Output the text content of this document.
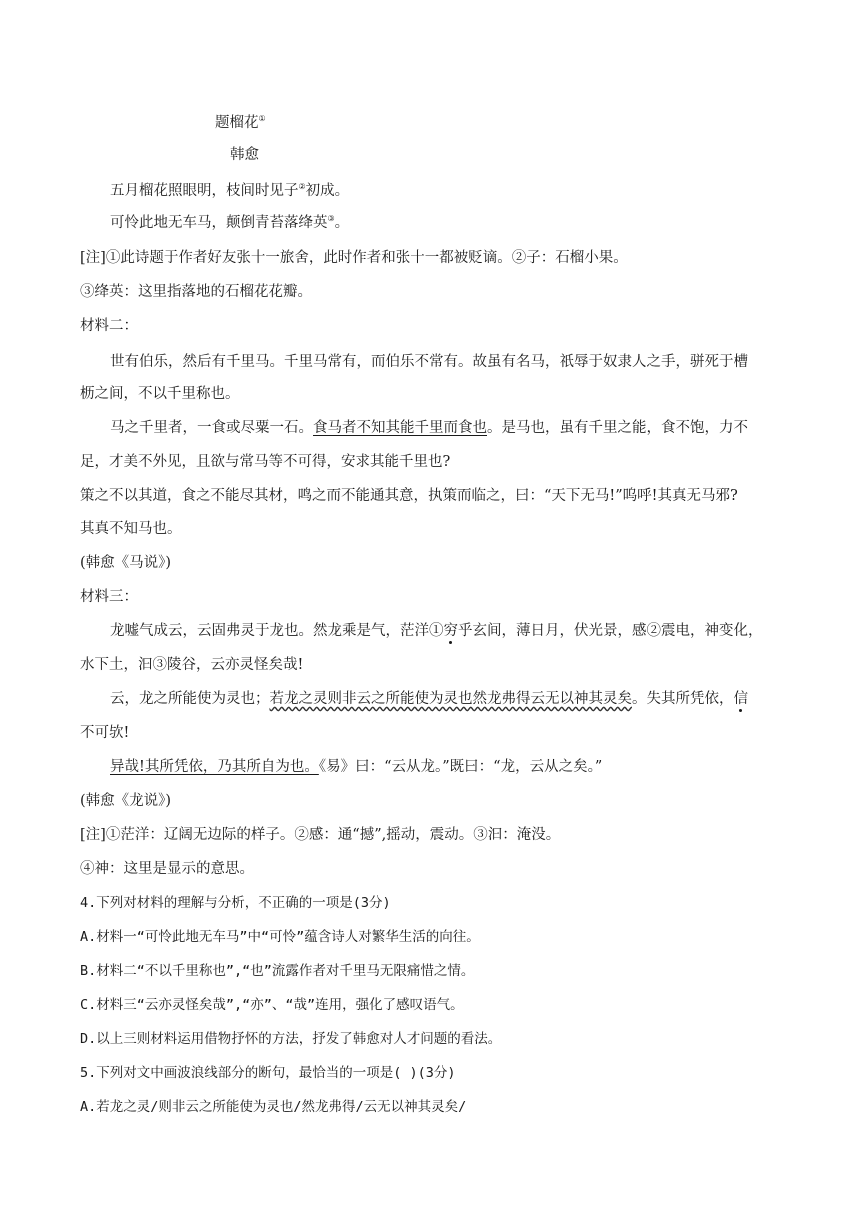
题榴花①
韩愈
五月榴花照眼明，枝间时见子②初成。
可怜此地无车马，颠倒青苔落绛英③。
[注]①此诗题于作者好友张十一旅舍，此时作者和张十一都被贬谪。②子：石榴小果。
③绛英：这里指落地的石榴花花瓣。
材料二：
世有伯乐，然后有千里马。千里马常有，而伯乐不常有。故虽有名马，祇辱于奴隶人之手，骈死于槽
枥之间，不以千里称也。
马之千里者，一食或尽粟一石。食马者不知其能千里而食也。是马也，虽有千里之能，食不饱，力不
足，才美不外见，且欲与常马等不可得，安求其能千里也?
策之不以其道，食之不能尽其材，鸣之而不能通其意，执策而临之，曰：“天下无马!”呜呼!其真无马邪?
其真不知马也。
(韩愈《马说》)
材料三：
龙嘘气成云，云固弗灵于龙也。然龙乘是气，茫洋①穷乎玄间，薄日月，伏光景，感②震电，神变化，
水下土，汩③陵谷，云亦灵怪矣哉!
云，龙之所能使为灵也；若龙之灵则非云之所能使为灵也然龙弗得云无以神其灵矣。失其所凭依，信
不可欤!
异哉!其所凭依，乃其所自为也。《易》曰：“云从龙。”既曰：“龙，云从之矣。”
(韩愈《龙说》)
[注]①茫洋：辽阔无边际的样子。②感：通“撼”,摇动，震动。③汩：淹没。
④神：这里是显示的意思。
4.下列对材料的理解与分析，不正确的一项是(3分)
A.材料一“可怜此地无车马”中“可怜”蕴含诗人对繁华生活的向往。
B.材料二“不以千里称也”,“也”流露作者对千里马无限痛惜之情。
C.材料三“云亦灵怪矣哉”,“亦”、“哉”连用，强化了感叹语气。
D.以上三则材料运用借物抒怀的方法，抒发了韩愈对人才问题的看法。
5.下列对文中画波浪线部分的断句，最恰当的一项是( )(3分)
A.若龙之灵/则非云之所能使为灵也/然龙弗得/云无以神其灵矣/
